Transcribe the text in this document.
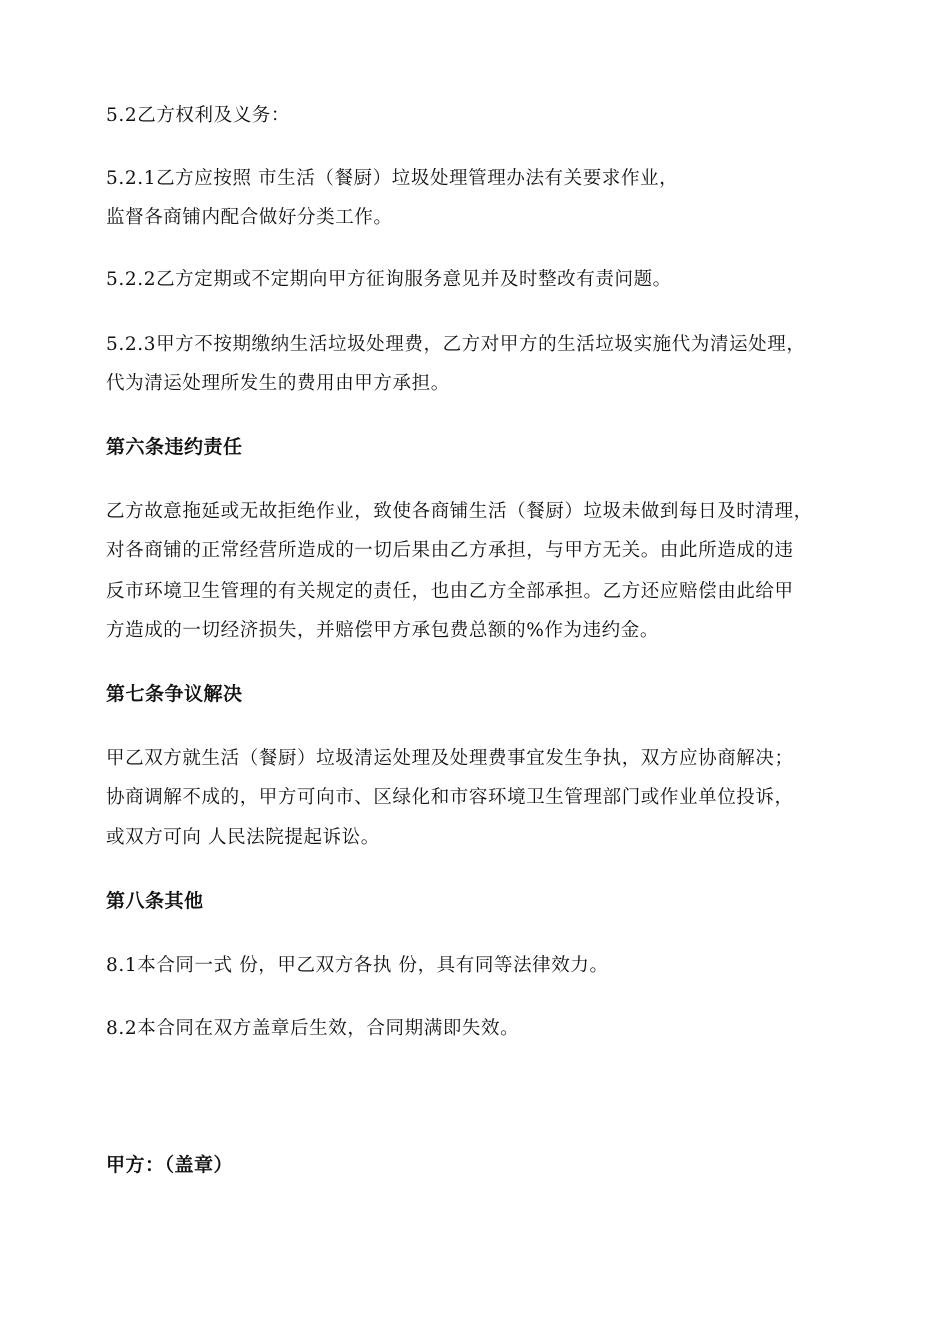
5.2乙方权利及义务：
5.2.1乙方应按照 市生活（餐厨）垃圾处理管理办法有关要求作业，
监督各商铺内配合做好分类工作。
5.2.2乙方定期或不定期向甲方征询服务意见并及时整改有责问题。
5.2.3甲方不按期缴纳生活垃圾处理费，乙方对甲方的生活垃圾实施代为清运处理，
代为清运处理所发生的费用由甲方承担。
第六条违约责任
乙方故意拖延或无故拒绝作业，致使各商铺生活（餐厨）垃圾未做到每日及时清理，
对各商铺的正常经营所造成的一切后果由乙方承担，与甲方无关。由此所造成的违
反市环境卫生管理的有关规定的责任，也由乙方全部承担。乙方还应赔偿由此给甲
方造成的一切经济损失，并赔偿甲方承包费总额的%作为违约金。
第七条争议解决
甲乙双方就生活（餐厨）垃圾清运处理及处理费事宜发生争执，双方应协商解决；
协商调解不成的，甲方可向市、区绿化和市容环境卫生管理部门或作业单位投诉，
或双方可向 人民法院提起诉讼。
第八条其他
8.1本合同一式 份，甲乙双方各执 份，具有同等法律效力。
8.2本合同在双方盖章后生效，合同期满即失效。
甲方：（盖章）
